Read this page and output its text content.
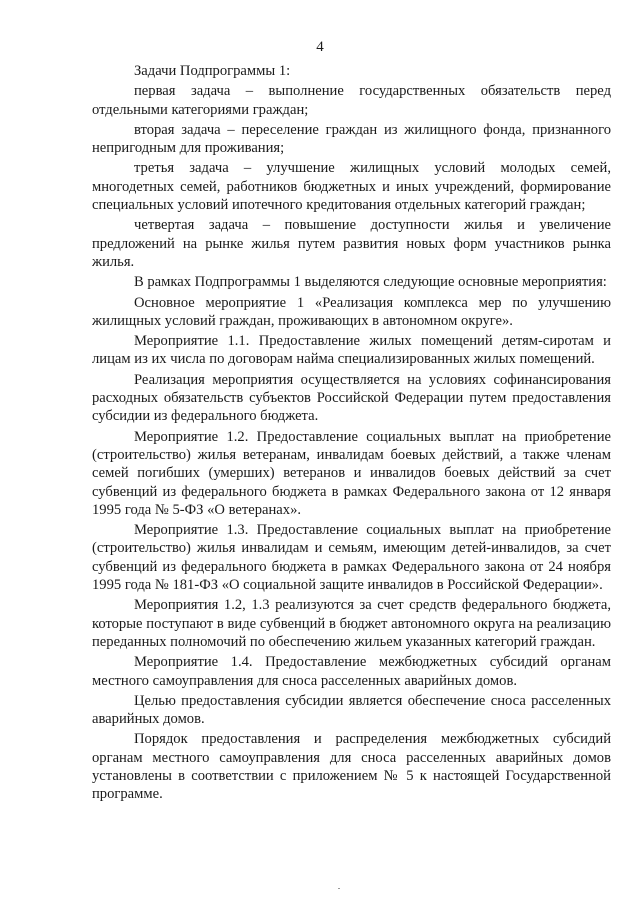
4

Задачи Подпрограммы 1:

первая задача – выполнение государственных обязательств перед отдельными категориями граждан;

вторая задача – переселение граждан из жилищного фонда, признанного непригодным для проживания;

третья задача – улучшение жилищных условий молодых семей, многодетных семей, работников бюджетных и иных учреждений, формирование специальных условий ипотечного кредитования отдельных категорий граждан;

четвертая задача – повышение доступности жилья и увеличение предложений на рынке жилья путем развития новых форм участников рынка жилья.

В рамках Подпрограммы 1 выделяются следующие основные мероприятия:

Основное мероприятие 1 «Реализация комплекса мер по улучшению жилищных условий граждан, проживающих в автономном округе».

Мероприятие 1.1. Предоставление жилых помещений детям-сиротам и лицам из их числа по договорам найма специализированных жилых помещений.

Реализация мероприятия осуществляется на условиях софинансирования расходных обязательств субъектов Российской Федерации путем предоставления субсидии из федерального бюджета.

Мероприятие 1.2. Предоставление социальных выплат на приобретение (строительство) жилья ветеранам, инвалидам боевых действий, а также членам семей погибших (умерших) ветеранов и инвалидов боевых действий за счет субвенций из федерального бюджета в рамках Федерального закона от 12 января 1995 года № 5-ФЗ «О ветеранах».

Мероприятие 1.3. Предоставление социальных выплат на приобретение (строительство) жилья инвалидам и семьям, имеющим детей-инвалидов, за счет субвенций из федерального бюджета в рамках Федерального закона от 24 ноября 1995 года № 181-ФЗ «О социальной защите инвалидов в Российской Федерации».

Мероприятия 1.2, 1.3 реализуются за счет средств федерального бюджета, которые поступают в виде субвенций в бюджет автономного округа на реализацию переданных полномочий по обеспечению жильем указанных категорий граждан.

Мероприятие 1.4. Предоставление межбюджетных субсидий органам местного самоуправления для сноса расселенных аварийных домов.

Целью предоставления субсидии является обеспечение сноса расселенных аварийных домов.

Порядок предоставления и распределения межбюджетных субсидий органам местного самоуправления для сноса расселенных аварийных домов установлены в соответствии с приложением № 5 к настоящей Государственной программе.
